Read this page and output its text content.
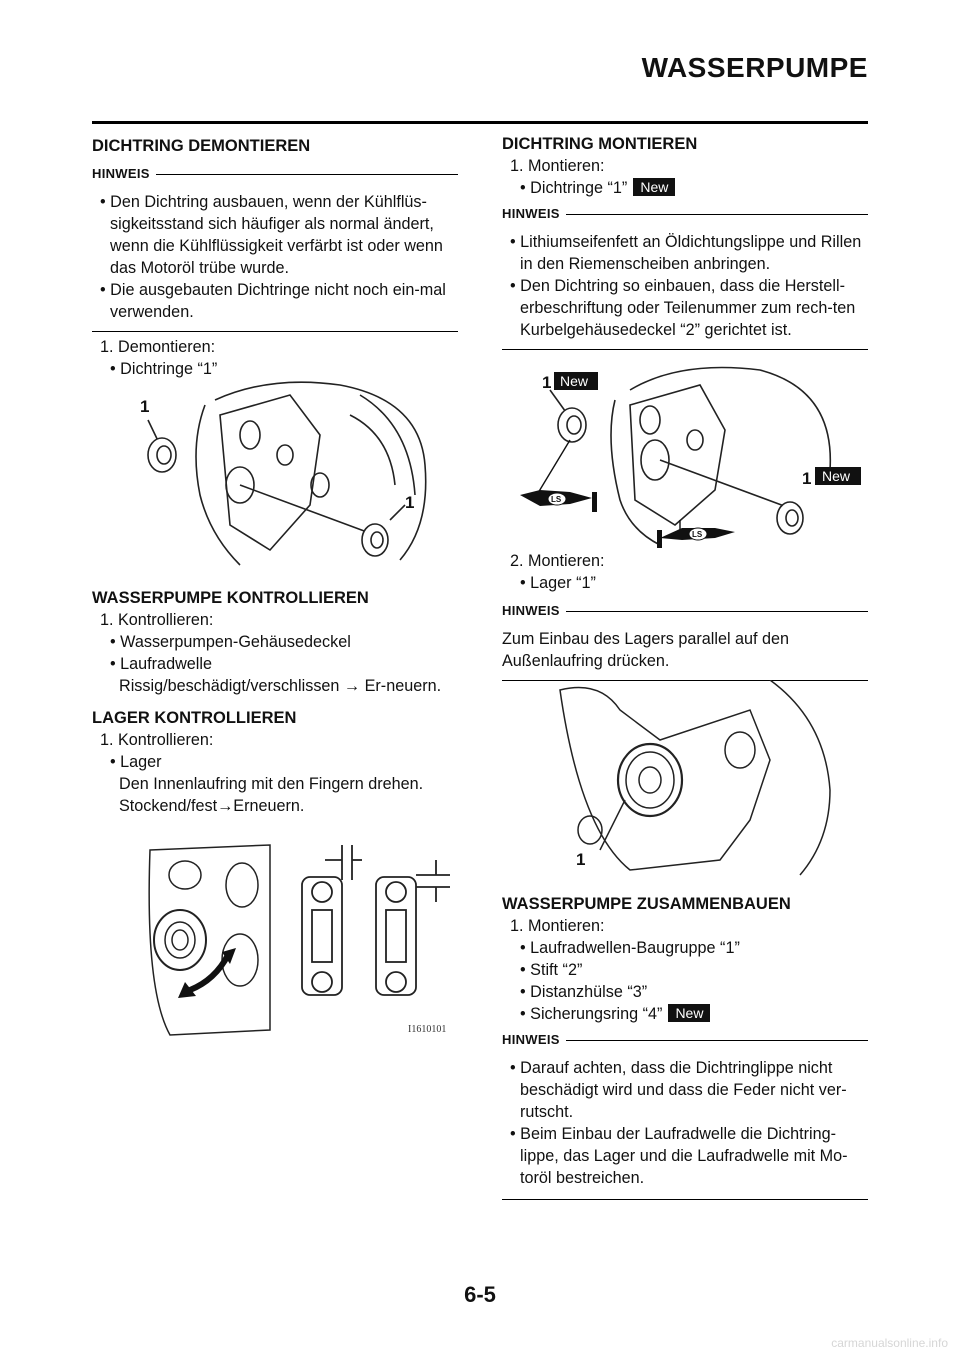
WASSERPUMPE

DICHTRING DEMONTIEREN

HINWEIS

• Den Dichtring ausbauen, wenn der Kühlflüs-sigkeitsstand sich häufiger als normal ändert, wenn die Kühlflüssigkeit verfärbt ist oder wenn das Motoröl trübe wurde.

• Die ausgebauten Dichtringe nicht noch ein-mal verwenden.

1. Demontieren:

• Dichtringe “1”

1
1

WASSERPUMPE KONTROLLIEREN

1. Kontrollieren:

• Wasserpumpen-Gehäusedeckel

• Laufradwelle

Rissig/beschädigt/verschlissen → Er-neuern.

LAGER KONTROLLIEREN

1. Kontrollieren:

• Lager

Den Innenlaufring mit den Fingern drehen.

Stockend/fest→Erneuern.

I1610101

DICHTRING MONTIEREN

1. Montieren:

• Dichtringe “1” New

HINWEIS

• Lithiumseifenfett an Öldichtungslippe und Rillen in den Riemenscheiben anbringen.

• Den Dichtring so einbauen, dass die Herstell-erbeschriftung oder Teilenummer zum rech-ten Kurbelgehäusedeckel “2” gerichtet ist.

LS
LS
1 New
1 New

2. Montieren:

• Lager “1”

HINWEIS

Zum Einbau des Lagers parallel auf den Außenlaufring drücken.

1

WASSERPUMPE ZUSAMMENBAUEN

1. Montieren:

• Laufradwellen-Baugruppe “1”

• Stift “2”

• Distanzhülse “3”

• Sicherungsring “4” New

HINWEIS

• Darauf achten, dass die Dichtringlippe nicht beschädigt wird und dass die Feder nicht ver-rutscht.

• Beim Einbau der Laufradwelle die Dichtring-lippe, das Lager und die Laufradwelle mit Mo-toröl bestreichen.

6-5
carmanualsonline.info
